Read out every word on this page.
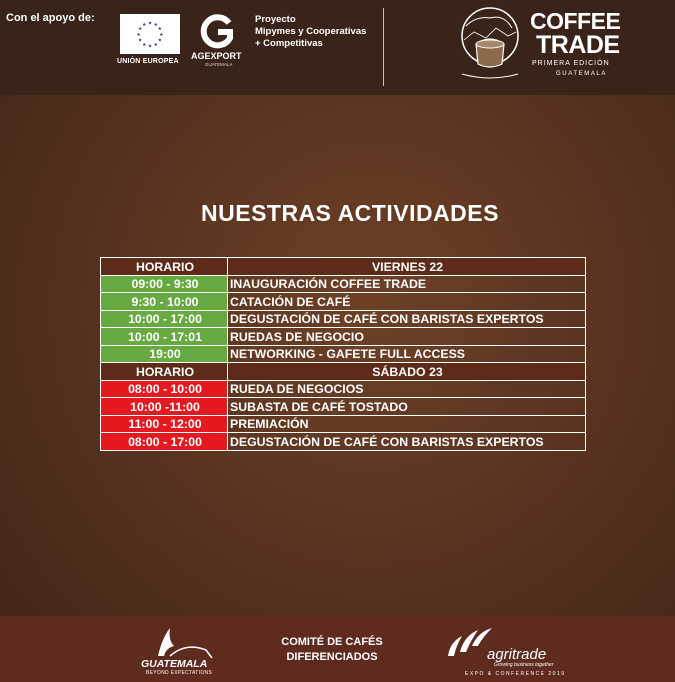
Con el apoyo de:	★ ★
★
★
★
★
★
★
★
★
★
★
UNIÓN EUROPEA
AGEXPORT
GUATEMALA
Proyecto
Mipymes y Cooperativas
+ Competitivas
COFFEE
TRADE
PRIMERA EDICIÓN
GUATEMALA
NUESTRAS ACTIVIDADES
HORARIO	VIERNES 22
09:00 - 9:30	INAUGURACIÓN COFFEE TRADE
9:30 - 10:00	CATACIÓN DE CAFÉ
10:00 - 17:00	DEGUSTACIÓN DE CAFÉ CON BARISTAS EXPERTOS
10:00 - 17:01	RUEDAS DE NEGOCIO
19:00	NETWORKING - GAFETE FULL ACCESS
HORARIO	SÁBADO 23
08:00 - 10:00	RUEDA DE NEGOCIOS
10:00 -11:00	SUBASTA DE CAFÉ TOSTADO
11:00 - 12:00	PREMIACIÓN
08:00 - 17:00	DEGUSTACIÓN DE CAFÉ CON BARISTAS EXPERTOS
GUATEMALA
BEYOND EXPECTATIONS
COMITÉ DE CAFÉS
DIFERENCIADOS	agritrade
Growing business together
EXPO & CONFERENCE 2019
